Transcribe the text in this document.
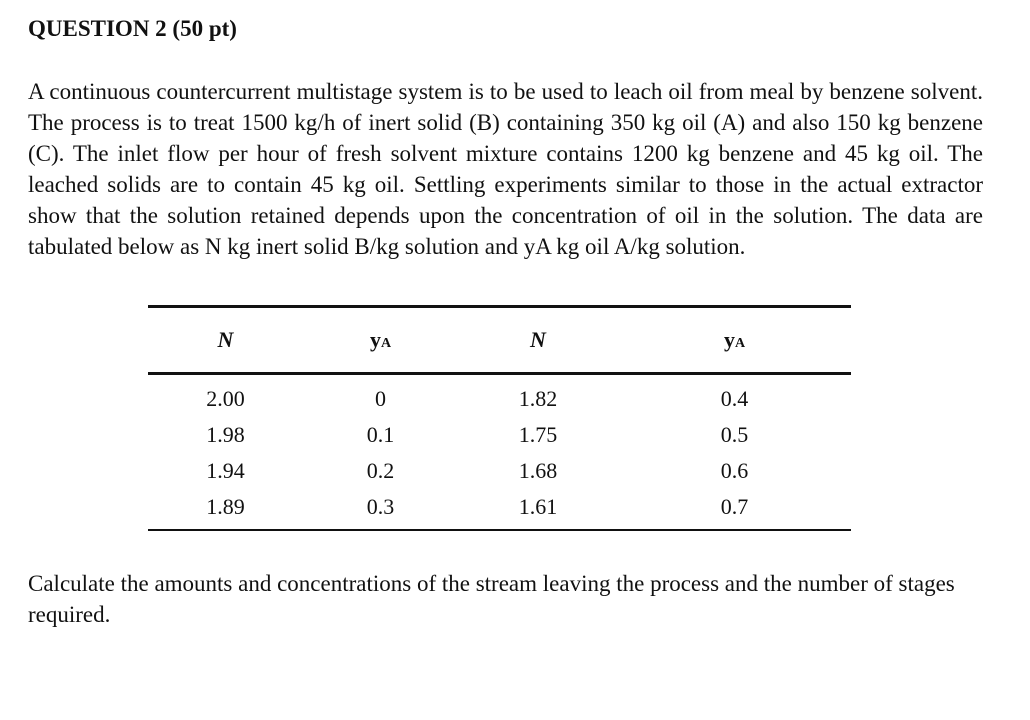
QUESTION 2 (50 pt)

A continuous countercurrent multistage system is to be used to leach oil from meal by benzene solvent. The process is to treat 1500 kg/h of inert solid (B) containing 350 kg oil (A) and also 150 kg benzene (C). The inlet flow per hour of fresh solvent mixture contains 1200 kg benzene and 45 kg oil. The leached solids are to contain 45 kg oil. Settling experiments similar to those in the actual extractor show that the solution retained depends upon the concentration of oil in the solution. The data are tabulated below as N kg inert solid B/kg solution and yA kg oil A/kg solution.

N	yA	N	yA
2.00	0	1.82	0.4
1.98	0.1	1.75	0.5
1.94	0.2	1.68	0.6
1.89	0.3	1.61	0.7

Calculate the amounts and concentrations of the stream leaving the process and the number of stages required.
